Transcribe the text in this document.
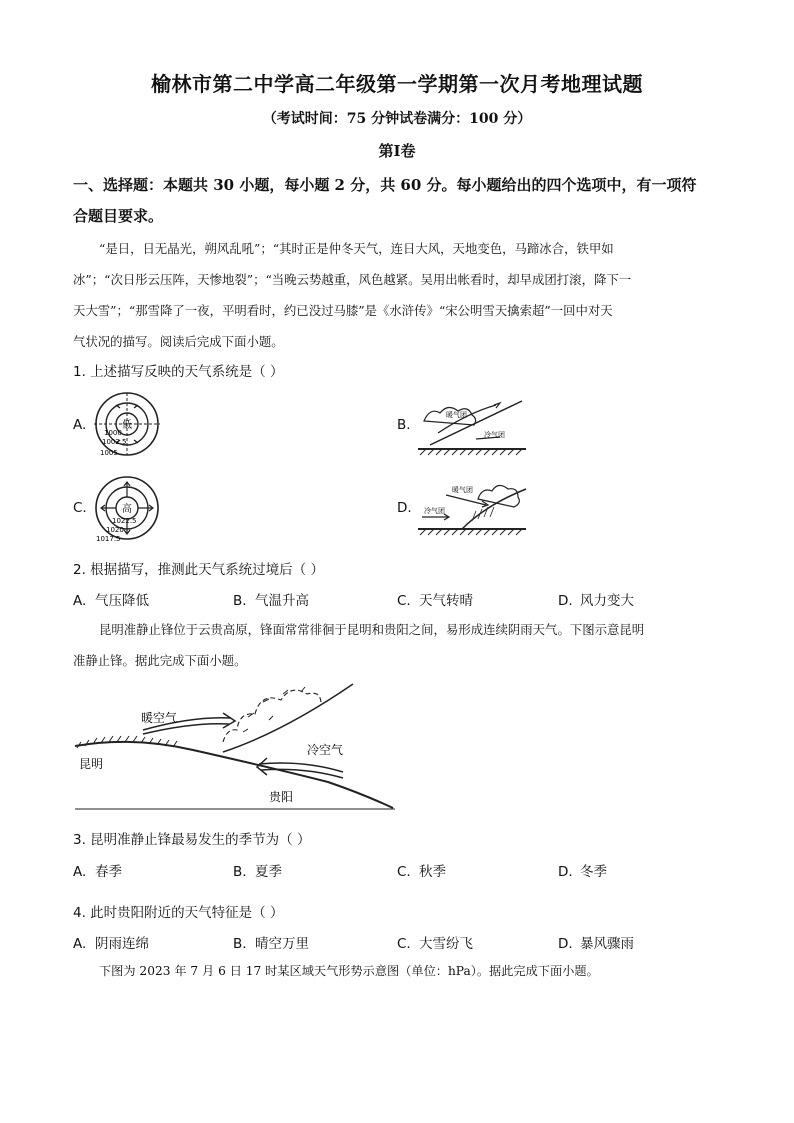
榆林市第二中学高二年级第一学期第一次月考地理试题
（考试时间：75 分钟试卷满分：100 分）
第Ⅰ卷
一、选择题：本题共 30 小题，每小题 2 分，共 60 分。每小题给出的四个选项中，有一项符
合题目要求。
“是日，日无晶光，朔风乱吼”；“其时正是仲冬天气，连日大风，天地变色，马蹄冰合，铁甲如
冰”；“次日彤云压阵，天惨地裂”；“当晚云势越重，风色越紧。吴用出帐看时，却早成团打滚，降下一
天大雪”；“那雪降了一夜，平明看时，约已没过马膝”是《水浒传》“宋公明雪天擒索超”一回中对天
气状况的描写。阅读后完成下面小题。
1. 上述描写反映的天气系统是（ ）
A.	低
1000
1002.5
1005
B.
暖气团
冷气团
C.	高
1022.5
1020
1017.5
D.
暖气团
冷气团
2. 根据描写，推测此天气系统过境后（ ）
A. 气压降低	B. 气温升高	C. 天气转晴	D. 风力变大
昆明准静止锋位于云贵高原，锋面常常徘徊于昆明和贵阳之间，易形成连续阴雨天气。下图示意昆明
准静止锋。据此完成下面小题。
暖空气
冷空气
昆明
贵阳
3. 昆明准静止锋最易发生的季节为（ ）
A. 春季	B. 夏季	C. 秋季	D. 冬季
4. 此时贵阳附近的天气特征是（ ）
A. 阴雨连绵	B. 晴空万里	C. 大雪纷飞	D. 暴风骤雨
下图为 2023 年 7 月 6 日 17 时某区域天气形势示意图（单位：hPa）。据此完成下面小题。
